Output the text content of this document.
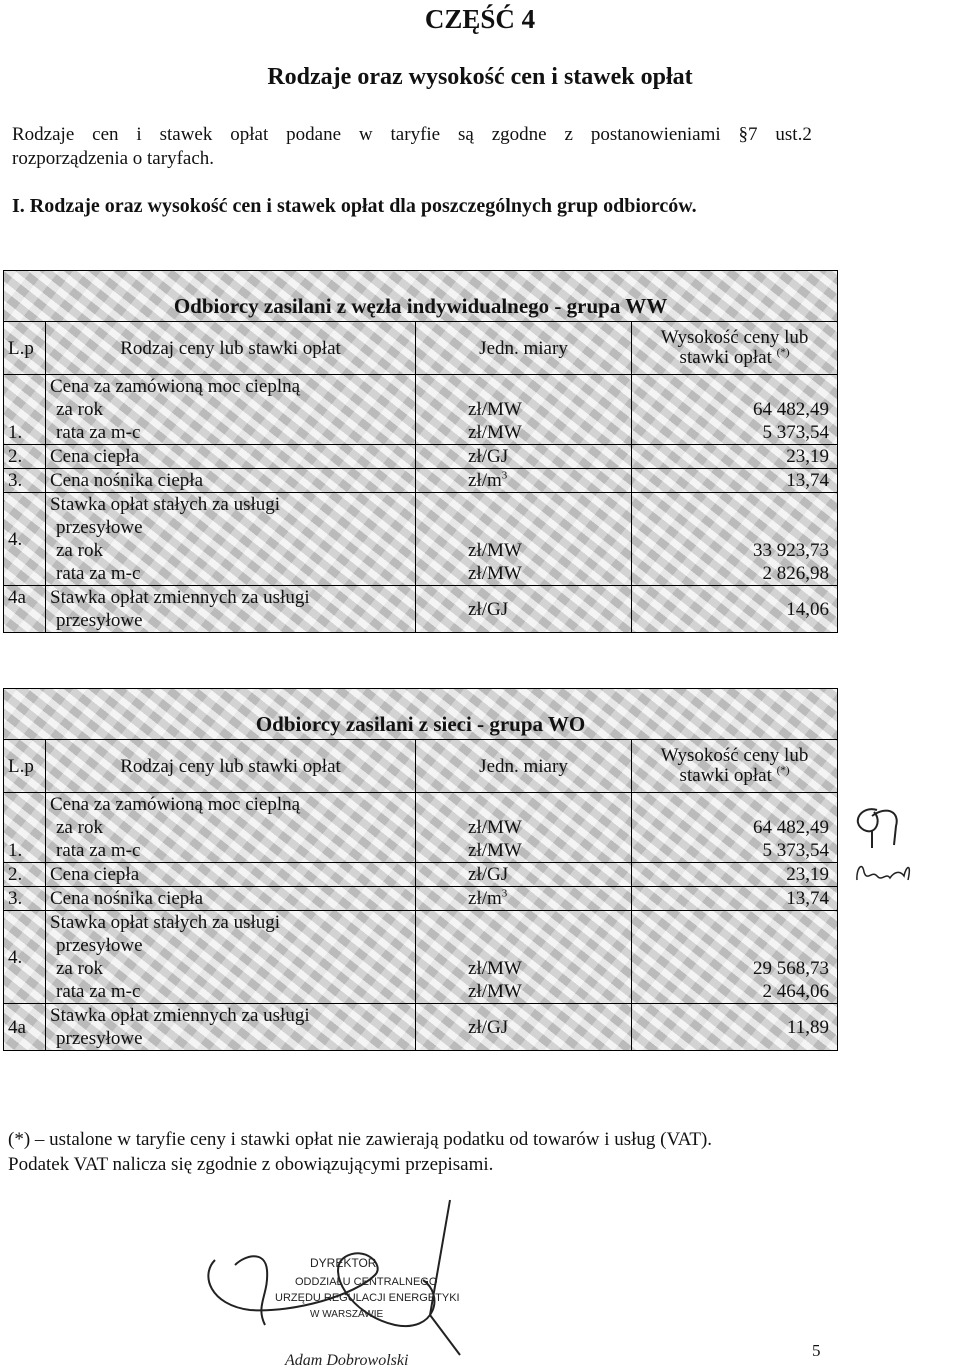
CZĘŚĆ 4
Rodzaje oraz wysokość cen i stawek opłat
Rodzaje cen i stawek opłat podane w taryfie są zgodne z postanowieniami §7 ust.2
rozporządzenia o taryfach.
I. Rodzaje oraz wysokość cen i stawek opłat dla poszczególnych grup odbiorców.
Odbiorcy zasilani z węzła indywidualnego - grupa WW			
L.p	Rodzaj ceny lub stawki opłat	Jedn. miary	Wysokość ceny lub
stawki opłat (*)
1.	Cena za zamówioną moc cieplną		
	za rok	zł/MW	64 482,49
	rata za m-c	zł/MW	5 373,54
2.	Cena ciepła	zł/GJ	23,19
3.	Cena nośnika ciepła	$zł/m^3$	13,74
4.	Stawka opłat stałych za usługi		
	przesyłowe		
	za rok	zł/MW	33 923,73
	rata za m-c	zł/MW	2 826,98
4a	Stawka opłat zmiennych za usługi	zł/GJ	14,06
	przesyłowe		
Odbiorcy zasilani z sieci - grupa WO			
L.p	Rodzaj ceny lub stawki opłat	Jedn. miary	Wysokość ceny lub
stawki opłat (*)
1.	Cena za zamówioną moc cieplną		
	za rok	zł/MW	64 482,49
	rata za m-c	zł/MW	5 373,54
2.	Cena ciepła	zł/GJ	23,19
3.	Cena nośnika ciepła	$zł/m^3$	13,74
4.	Stawka opłat stałych za usługi		
	przesyłowe		
	za rok	zł/MW	29 568,73
	rata za m-c	zł/MW	2 464,06
4a	Stawka opłat zmiennych za usługi	zł/GJ	11,89
	przesyłowe		
(*) – ustalone w taryfie ceny i stawki opłat nie zawierają podatku od towarów i usług (VAT).
Podatek VAT nalicza się zgodnie z obowiązującymi przepisami.
DYREKTOR
ODDZIAŁU CENTRALNEGO
URZĘDU REGULACJI ENERGETYKI
W WARSZAWIE
Adam Dobrowolski
5
